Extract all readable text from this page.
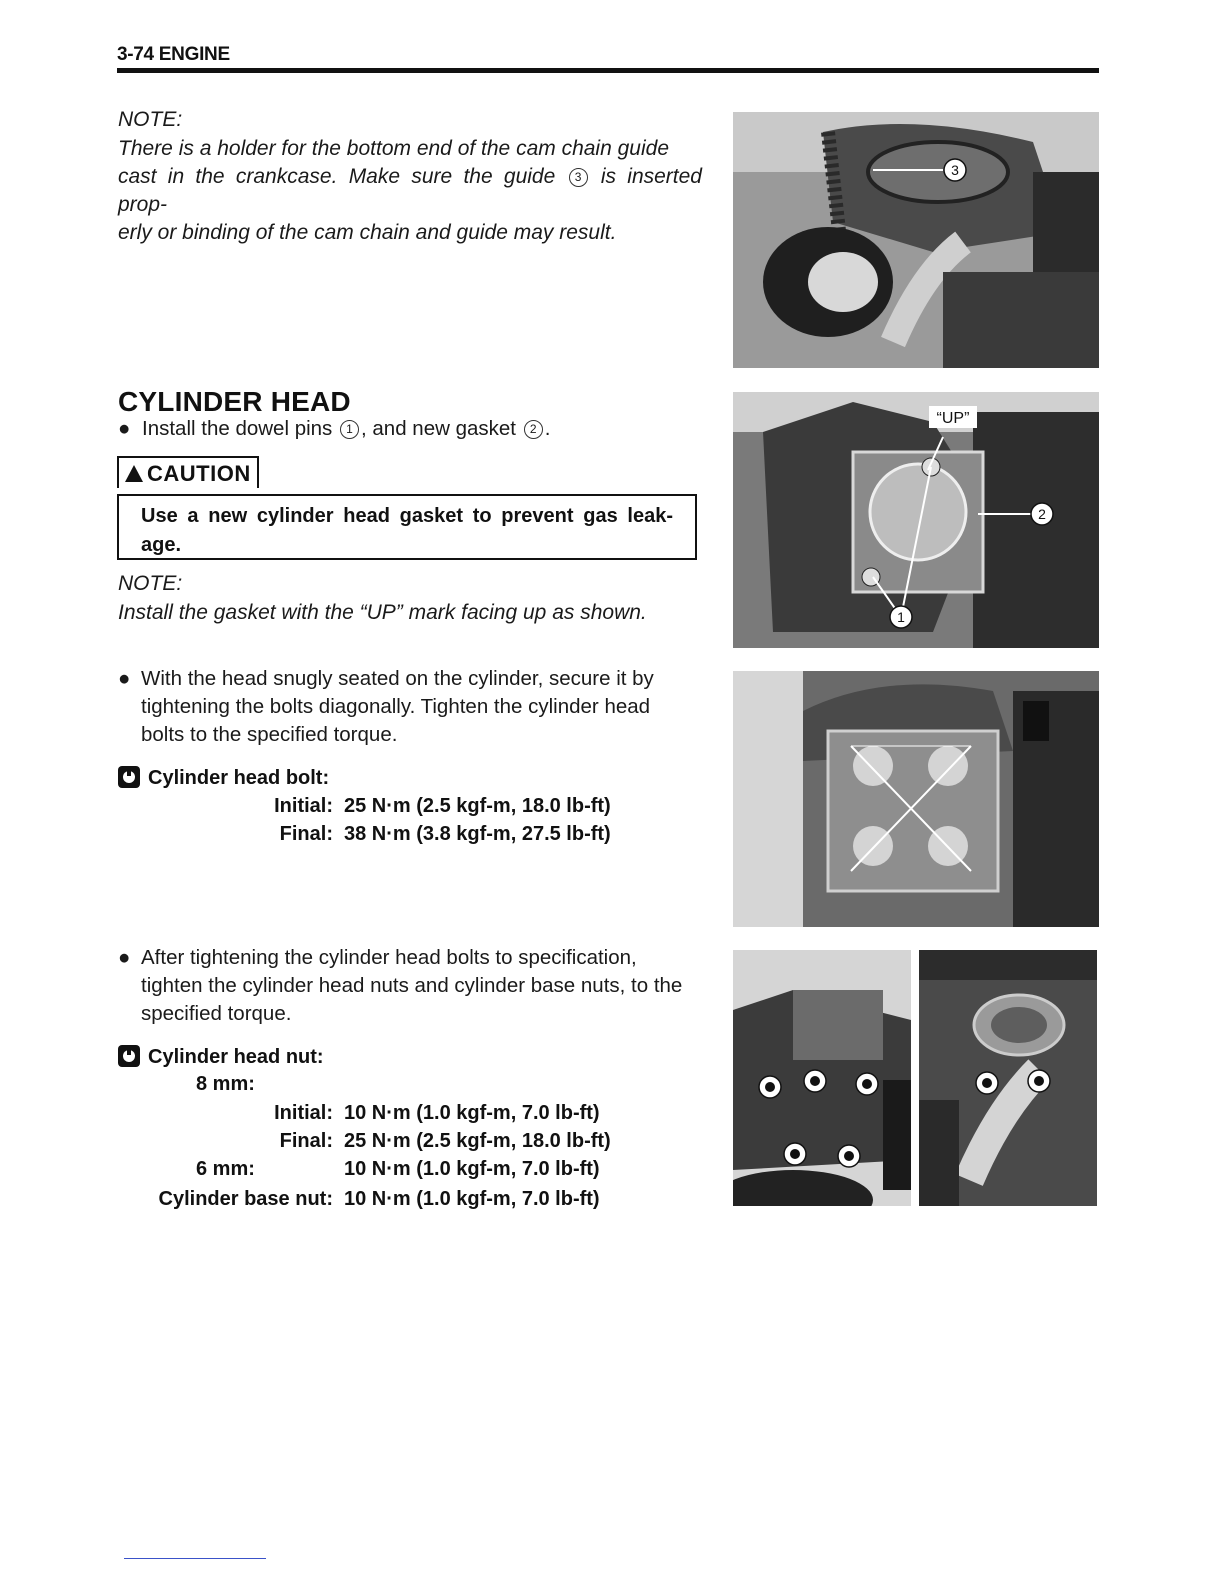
3-74 ENGINE
NOTE:
There is a holder for the bottom end of the cam chain guide
cast in the crankcase. Make sure the guide 3 is inserted prop-
erly or binding of the cam chain and guide may result.
CYLINDER HEAD
● Install the dowel pins 1 , and new gasket 2 .
CAUTION
Use a new cylinder head gasket to prevent gas leak-age.
NOTE:
Install the gasket with the “UP” mark facing up as shown.
● With the head snugly seated on the cylinder, secure it by
tightening the bolts diagonally. Tighten the cylinder head
bolts to the specified torque.
Cylinder head bolt:
Initial: 25 N·m (2.5 kgf-m, 18.0 lb-ft)
Final: 38 N·m (3.8 kgf-m, 27.5 lb-ft)
● After tightening the cylinder head bolts to specification,
tighten the cylinder head nuts and cylinder base nuts, to the
specified torque.
Cylinder head nut:
8 mm:
Initial: 10 N·m (1.0 kgf-m, 7.0 lb-ft)
Final: 25 N·m (2.5 kgf-m, 18.0 lb-ft)
6 mm:	10 N·m (1.0 kgf-m, 7.0 lb-ft)
Cylinder base nut: 10 N·m (1.0 kgf-m, 7.0 lb-ft)
3
“UP”
2
1
